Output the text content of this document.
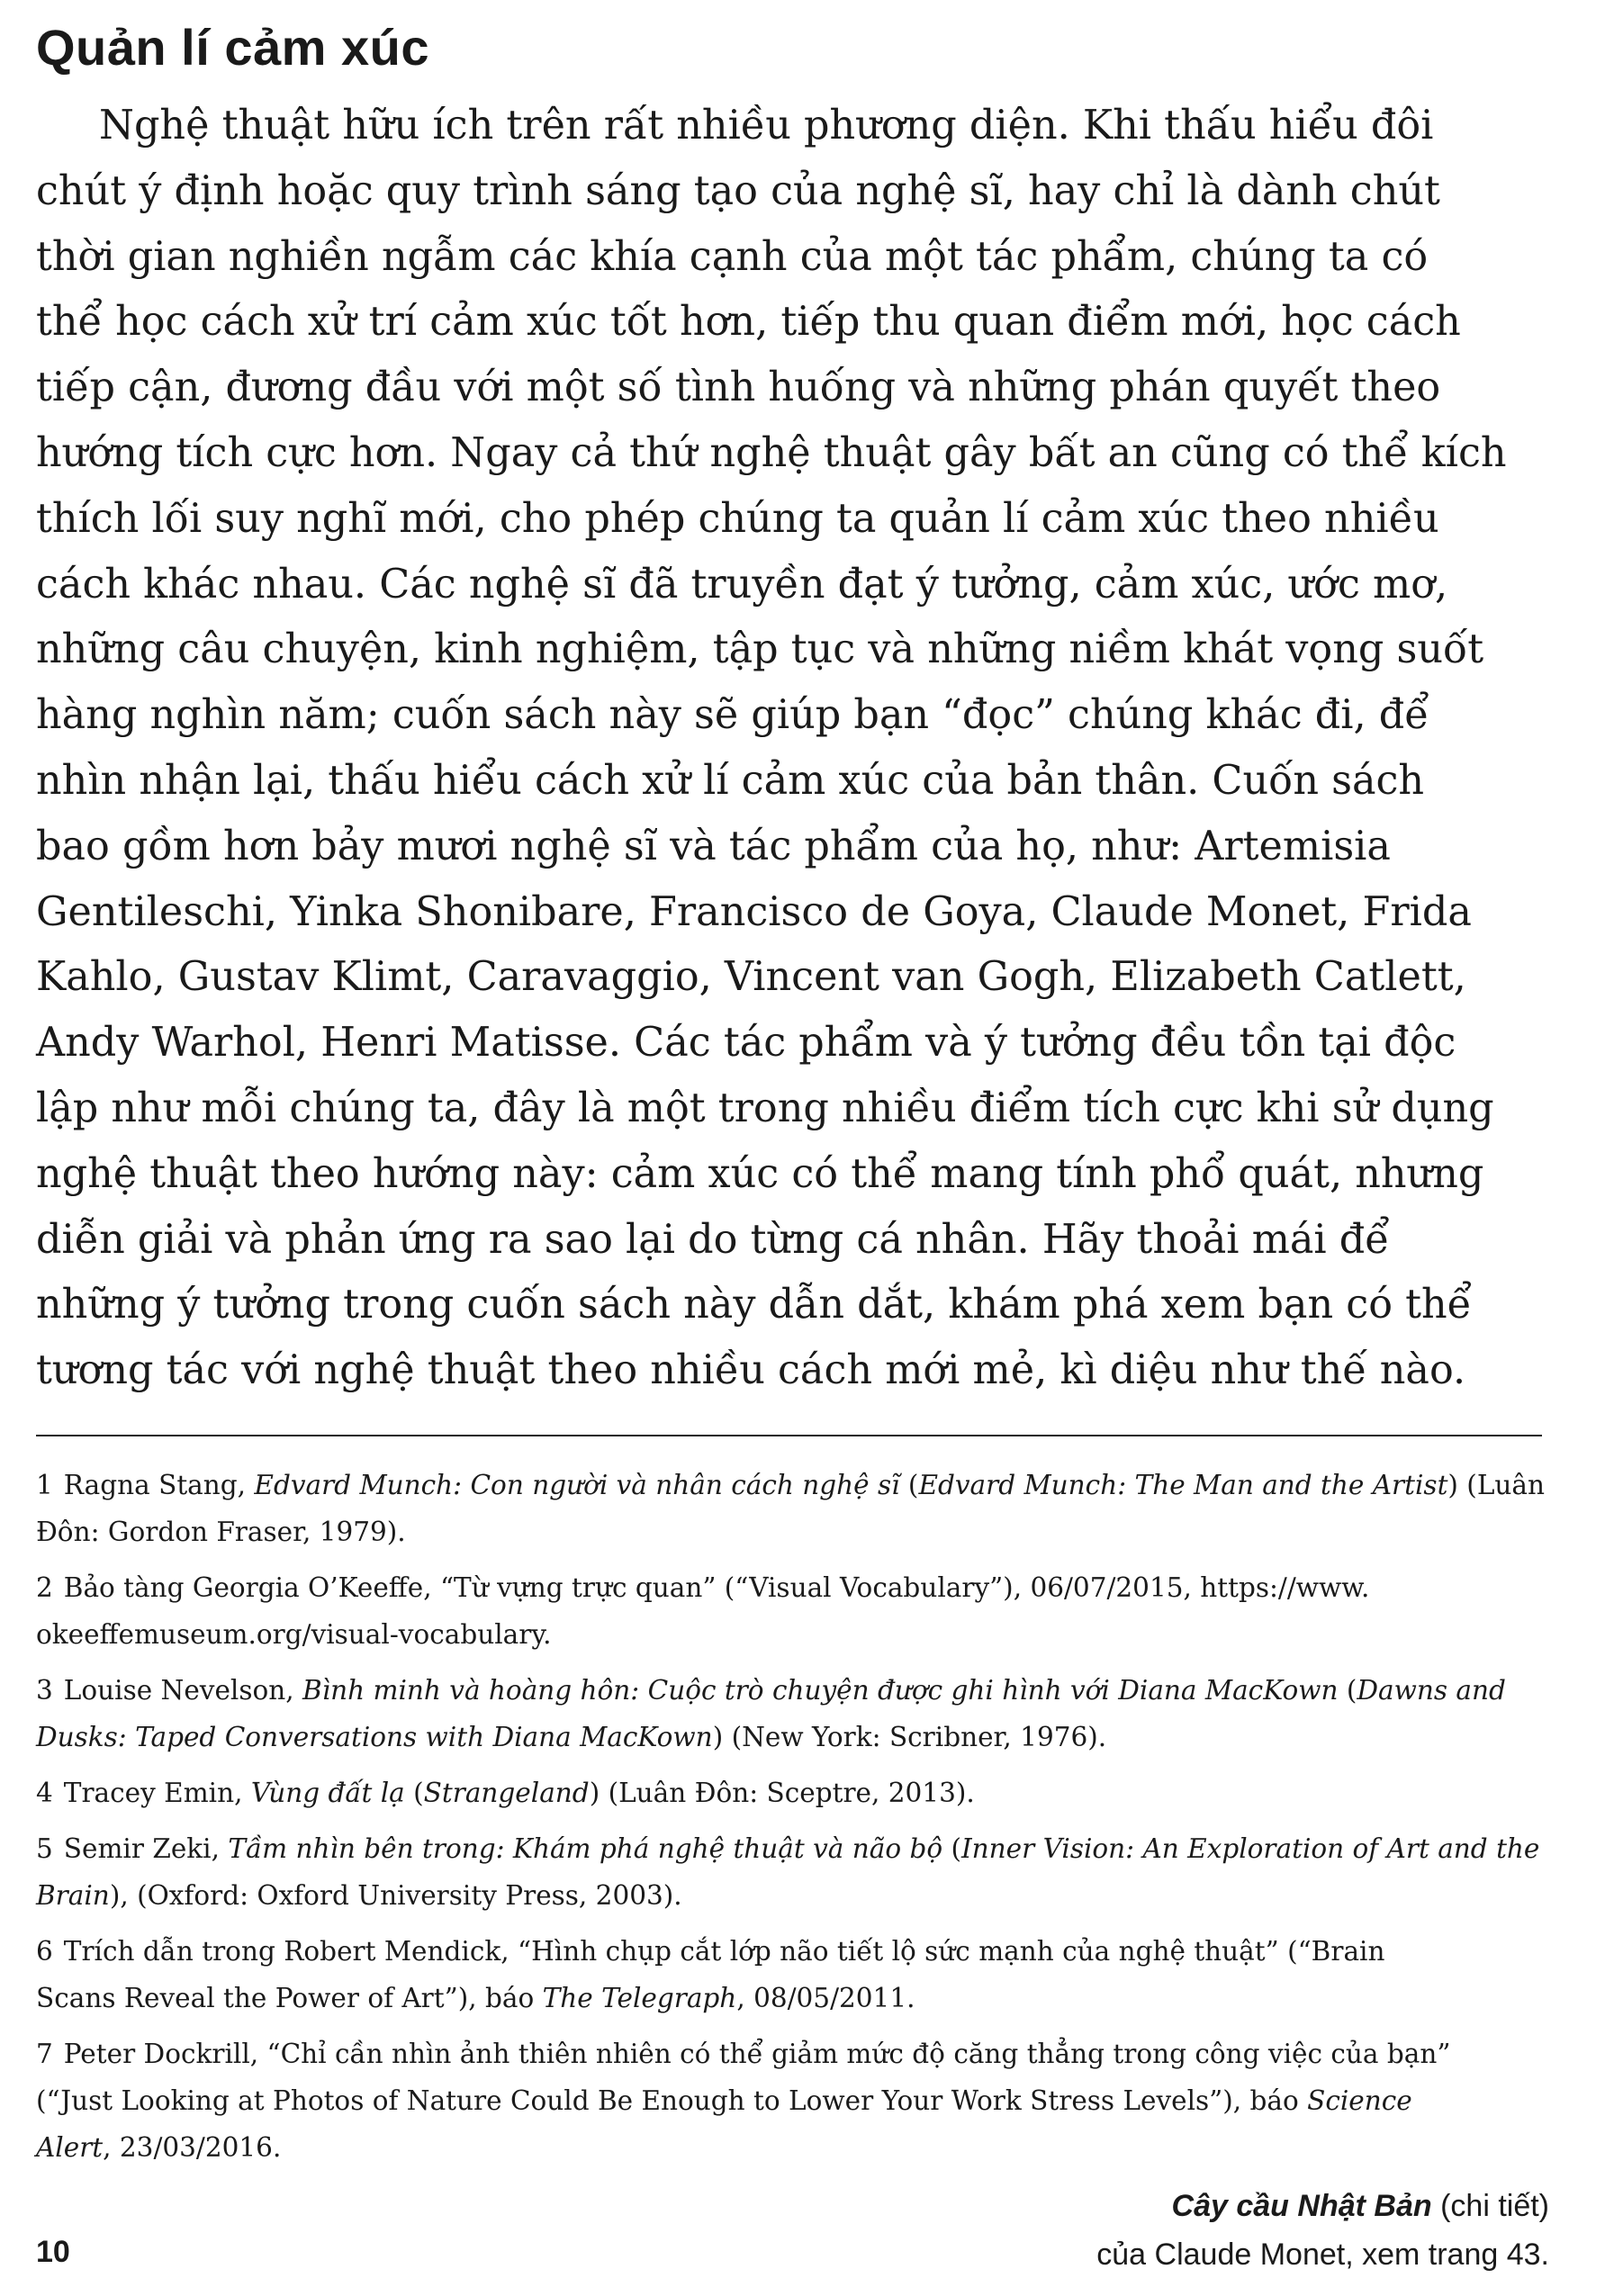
Quản lí cảm xúc
Nghệ thuật hữu ích trên rất nhiều phương diện. Khi thấu hiểu đôi
chút ý định hoặc quy trình sáng tạo của nghệ sĩ, hay chỉ là dành chút
thời gian nghiền ngẫm các khía cạnh của một tác phẩm, chúng ta có
thể học cách xử trí cảm xúc tốt hơn, tiếp thu quan điểm mới, học cách
tiếp cận, đương đầu với một số tình huống và những phán quyết theo
hướng tích cực hơn. Ngay cả thứ nghệ thuật gây bất an cũng có thể kích
thích lối suy nghĩ mới, cho phép chúng ta quản lí cảm xúc theo nhiều
cách khác nhau. Các nghệ sĩ đã truyền đạt ý tưởng, cảm xúc, ước mơ,
những câu chuyện, kinh nghiệm, tập tục và những niềm khát vọng suốt
hàng nghìn năm; cuốn sách này sẽ giúp bạn “đọc” chúng khác đi, để
nhìn nhận lại, thấu hiểu cách xử lí cảm xúc của bản thân. Cuốn sách
bao gồm hơn bảy mươi nghệ sĩ và tác phẩm của họ, như: Artemisia
Gentileschi, Yinka Shonibare, Francisco de Goya, Claude Monet, Frida
Kahlo, Gustav Klimt, Caravaggio, Vincent van Gogh, Elizabeth Catlett,
Andy Warhol, Henri Matisse. Các tác phẩm và ý tưởng đều tồn tại độc
lập như mỗi chúng ta, đây là một trong nhiều điểm tích cực khi sử dụng
nghệ thuật theo hướng này: cảm xúc có thể mang tính phổ quát, nhưng
diễn giải và phản ứng ra sao lại do từng cá nhân. Hãy thoải mái để
những ý tưởng trong cuốn sách này dẫn dắt, khám phá xem bạn có thể
tương tác với nghệ thuật theo nhiều cách mới mẻ, kì diệu như thế nào.
1 Ragna Stang, Edvard Munch: Con người và nhân cách nghệ sĩ (Edvard Munch: The Man and the Artist) (Luân
Đôn: Gordon Fraser, 1979).
2 Bảo tàng Georgia O’Keeffe, “Từ vựng trực quan” (“Visual Vocabulary”), 06/07/2015, https://www.
okeeffemuseum.org/visual-vocabulary.
3 Louise Nevelson, Bình minh và hoàng hôn: Cuộc trò chuyện được ghi hình với Diana MacKown (Dawns and
Dusks: Taped Conversations with Diana MacKown) (New York: Scribner, 1976).
4 Tracey Emin, Vùng đất lạ (Strangeland) (Luân Đôn: Sceptre, 2013).
5 Semir Zeki, Tầm nhìn bên trong: Khám phá nghệ thuật và não bộ (Inner Vision: An Exploration of Art and the
Brain), (Oxford: Oxford University Press, 2003).
6 Trích dẫn trong Robert Mendick, “Hình chụp cắt lớp não tiết lộ sức mạnh của nghệ thuật” (“Brain
Scans Reveal the Power of Art”), báo The Telegraph, 08/05/2011.
7 Peter Dockrill, “Chỉ cần nhìn ảnh thiên nhiên có thể giảm mức độ căng thẳng trong công việc của bạn”
(“Just Looking at Photos of Nature Could Be Enough to Lower Your Work Stress Levels”), báo Science
Alert, 23/03/2016.
10
Cây cầu Nhật Bản (chi tiết)
của Claude Monet, xem trang 43.
